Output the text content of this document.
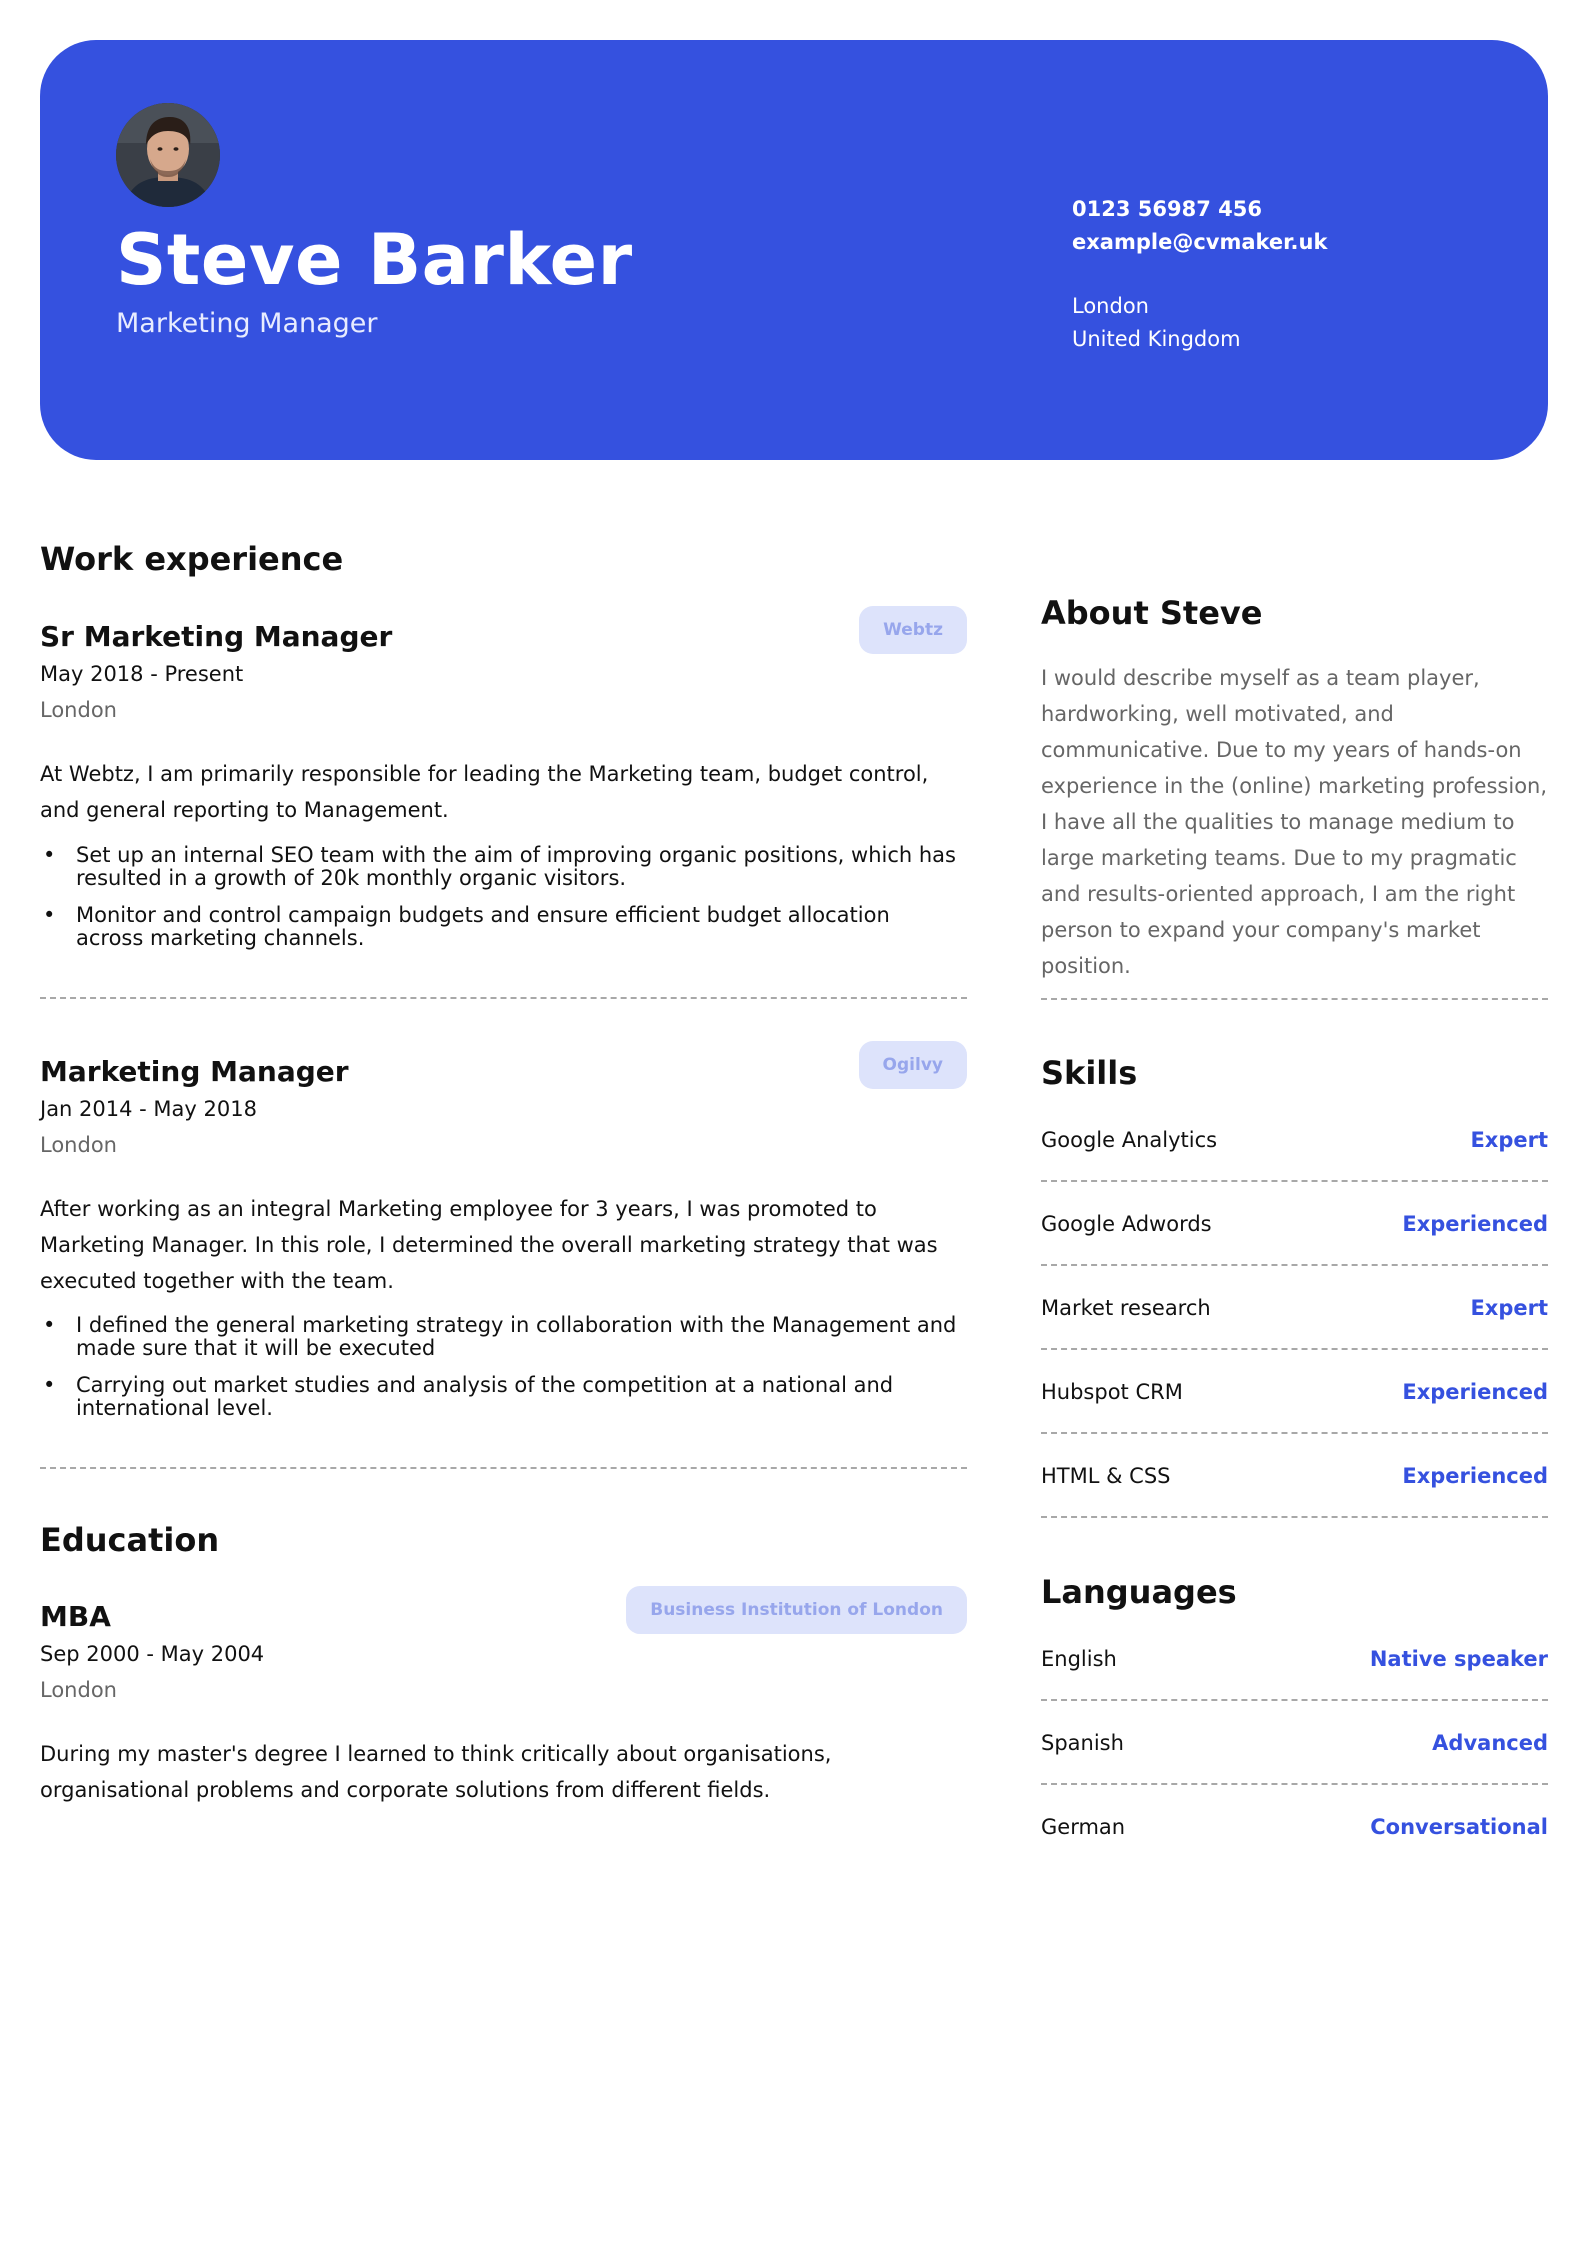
Steve Barker
Marketing Manager
0123 56987 456
example@cvmaker.uk
London
United Kingdom
Work experience
Sr Marketing Manager	Webtz
May 2018 - Present
London
At Webtz, I am primarily responsible for leading the Marketing team, budget control, and general reporting to Management.
• Set up an internal SEO team with the aim of improving organic positions, which has resulted in a growth of 20k monthly organic visitors.
• Monitor and control campaign budgets and ensure efficient budget allocation across marketing channels.
Marketing Manager	Ogilvy
Jan 2014 - May 2018
London
After working as an integral Marketing employee for 3 years, I was promoted to Marketing Manager. In this role, I determined the overall marketing strategy that was executed together with the team.
• I defined the general marketing strategy in collaboration with the Management and made sure that it will be executed
• Carrying out market studies and analysis of the competition at a national and international level.
Education
MBA	Business Institution of London
Sep 2000 - May 2004
London
During my master's degree I learned to think critically about organisations, organisational problems and corporate solutions from different fields.
About Steve
I would describe myself as a team player, hardworking, well motivated, and communicative. Due to my years of hands-on experience in the (online) marketing profession, I have all the qualities to manage medium to large marketing teams. Due to my pragmatic and results-oriented approach, I am the right person to expand your company's market position.
Skills
Google Analytics	Expert
Google Adwords	Experienced
Market research	Expert
Hubspot CRM	Experienced
HTML & CSS	Experienced
Languages
English	Native speaker
Spanish	Advanced
German	Conversational
